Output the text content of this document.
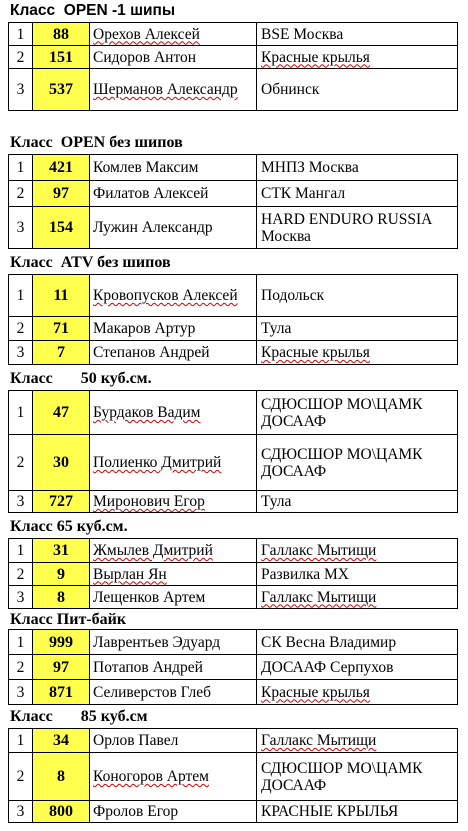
Класс  OPEN -1 шипы
1	88	Орехов Алексей	BSE Москва
2	151	Сидоров Антон	Красные крылья
3	537	Шерманов Александр	Обнинск
Класс  OPEN без шипов
1	421	Комлев Максим	МНПЗ Москва
2	97	Филатов Алексей	СТК Мангал
3	154	Лужин Александр	HARD ENDURO RUSSIA Москва
Класс  ATV без шипов
1	11	Кровопусков Алексей	Подольск
2	71	Макаров Артур	Тула
3	7	Степанов Андрей	Красные крылья
Класс       50 куб.см.
1	47	Бурдаков Вадим	СДЮСШОР МО\ЦАМК ДОСААФ
2	30	Полиенко Дмитрий	СДЮСШОР МО\ЦАМК ДОСААФ
3	727	Миронович Егор	Тула
Класс 65 куб.см.
1	31	Жмылев Дмитрий	Галлакс Мытищи
2	9	Вырлан Ян	Развилка МХ
3	8	Лещенков Артем	Галлакс Мытищи
Класс Пит-байк
1	999	Лаврентьев Эдуард	СК Весна Владимир
2	97	Потапов Андрей	ДОСААФ Серпухов
3	871	Селиверстов Глеб	Красные крылья
Класс       85 куб.см
1	34	Орлов Павел	Галлакс Мытищи
2	8	Коногоров Артем	СДЮСШОР МО\ЦАМК ДОСААФ
3	800	Фролов Егор	КРАСНЫЕ КРЫЛЬЯ
